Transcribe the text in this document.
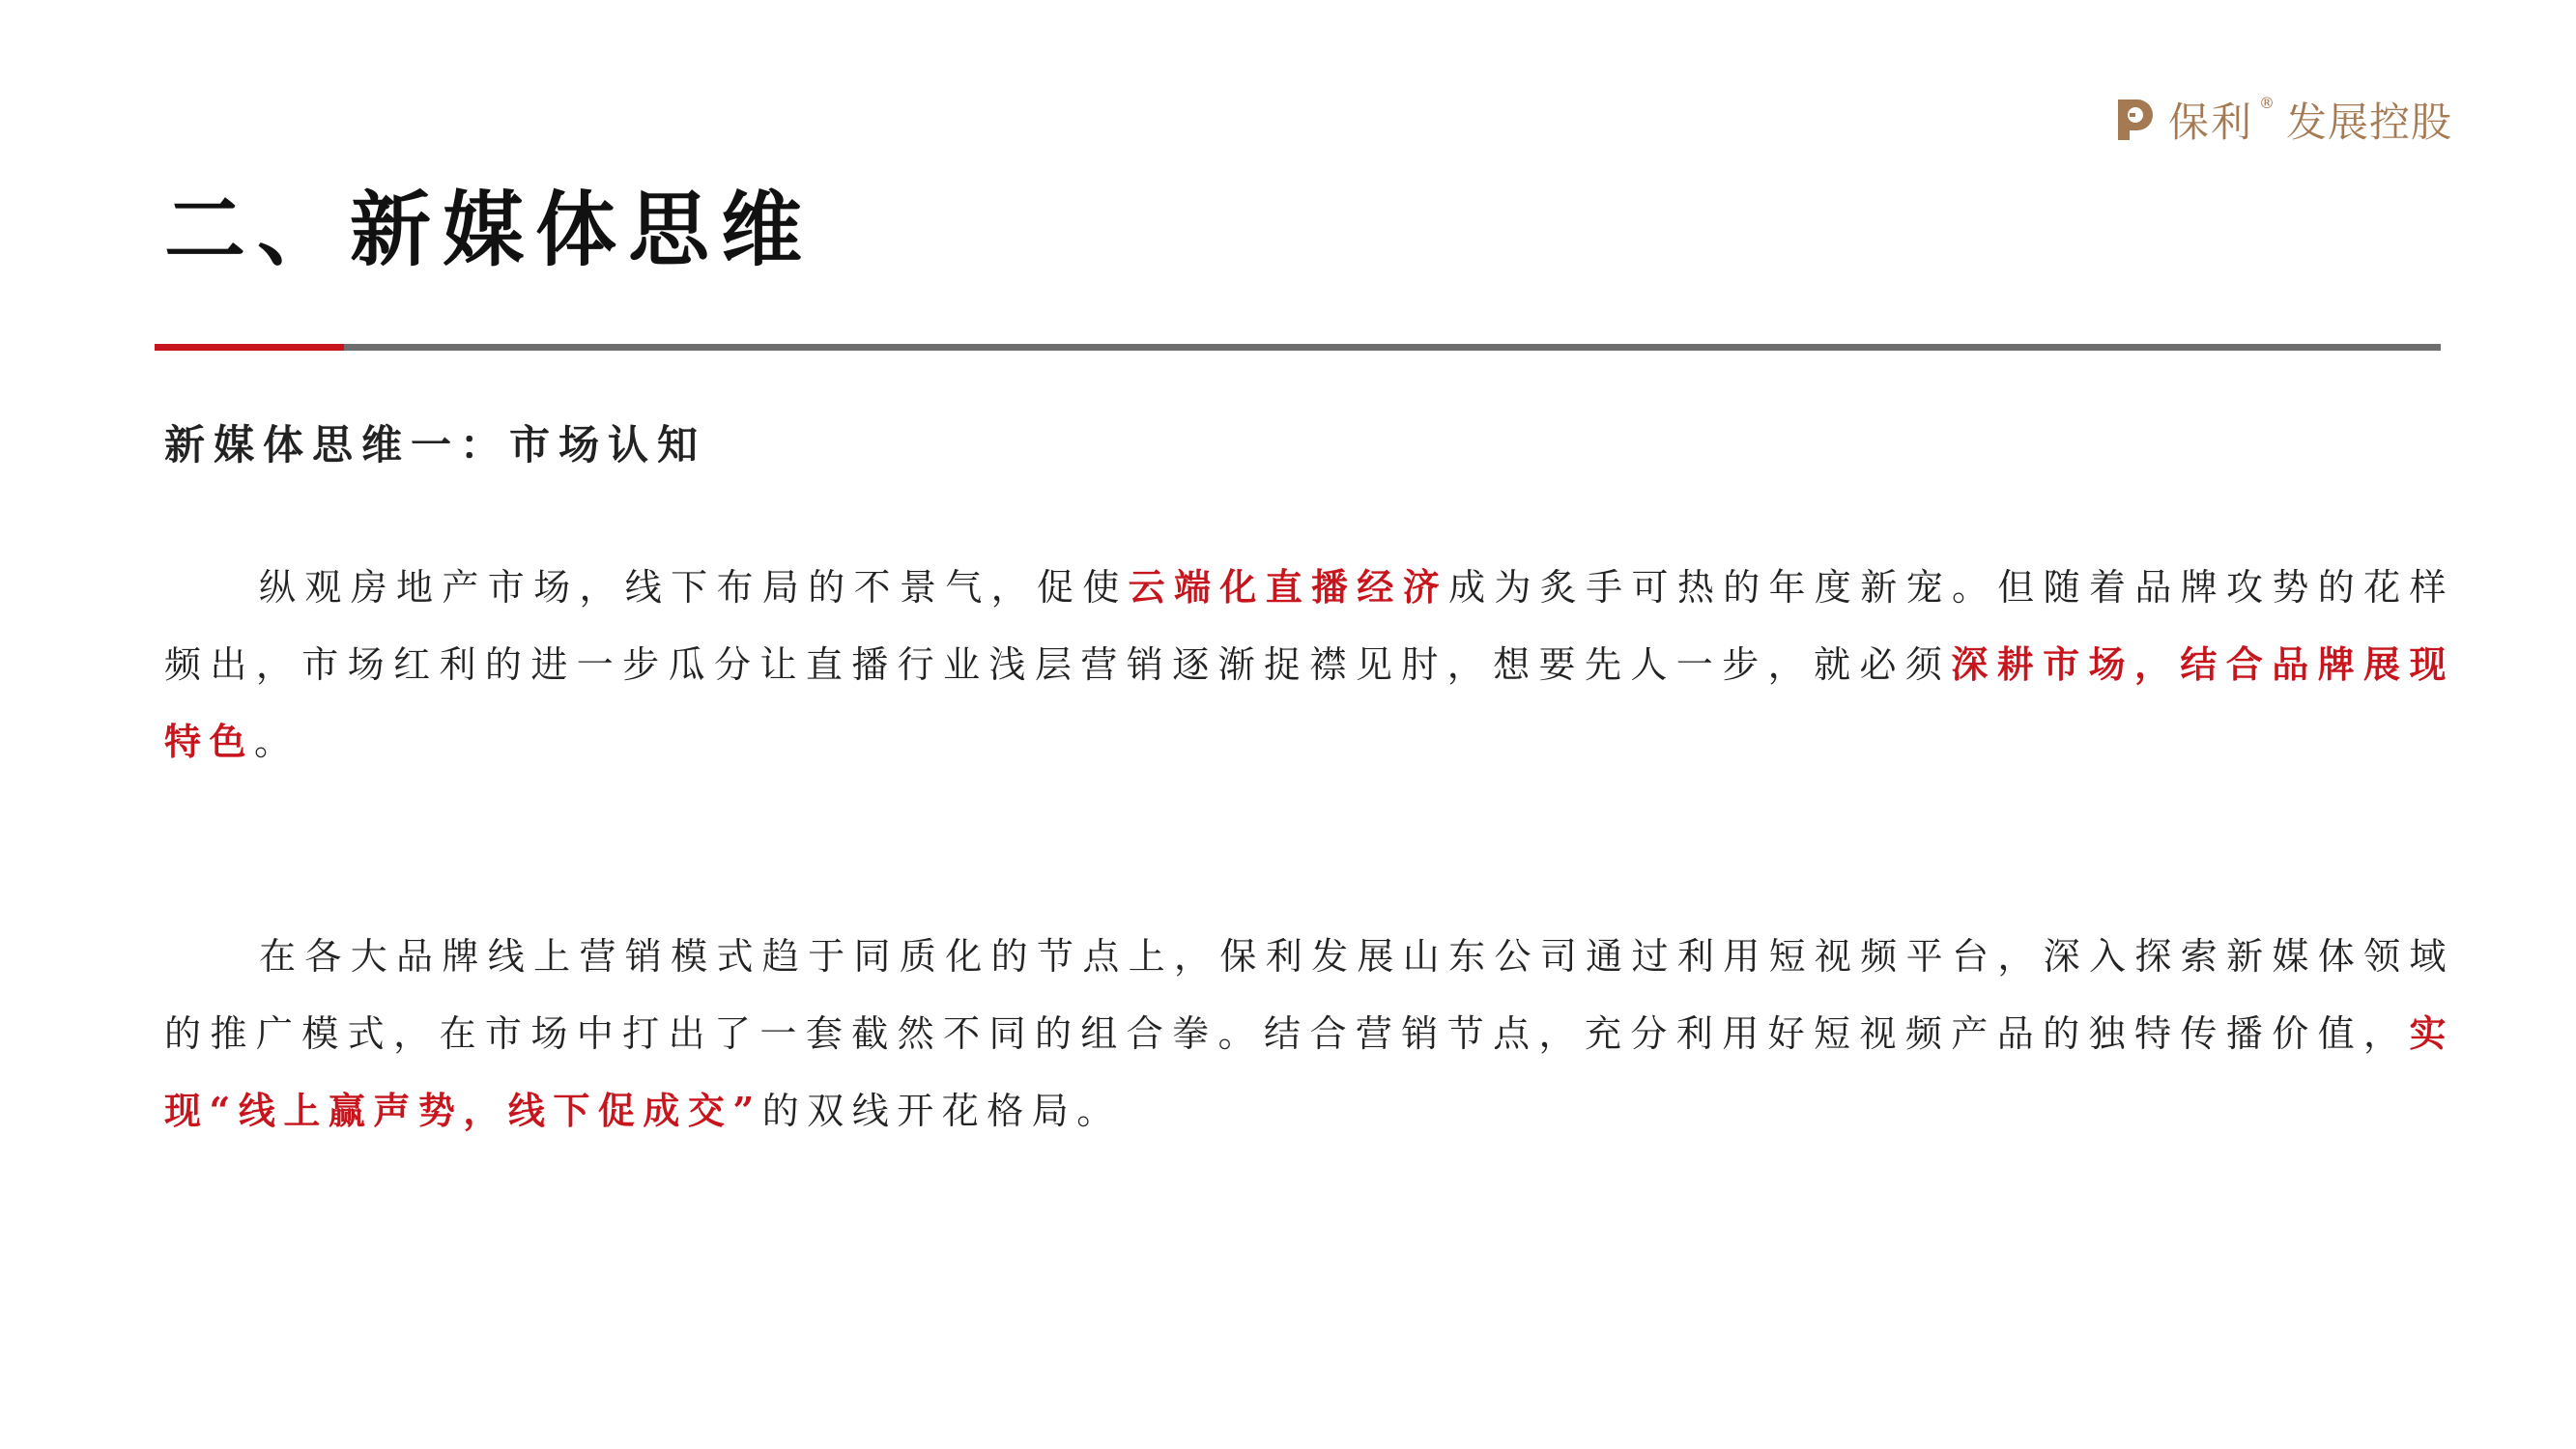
保利 ® 发展控股
二、新媒体思维
新媒体思维一：市场认知

纵观房地产市场，线下布局的不景气，促使云端化直播经济成为炙手可热的年度新宠。但随着品牌攻势的花样频出，市场红利的进一步瓜分让直播行业浅层营销逐渐捉襟见肘，想要先人一步，就必须深耕市场，结合品牌展现特色。

在各大品牌线上营销模式趋于同质化的节点上，保利发展山东公司通过利用短视频平台，深入探索新媒体领域的推广模式，在市场中打出了一套截然不同的组合拳。结合营销节点，充分利用好短视频产品的独特传播价值，实现“线上赢声势，线下促成交”的双线开花格局。
